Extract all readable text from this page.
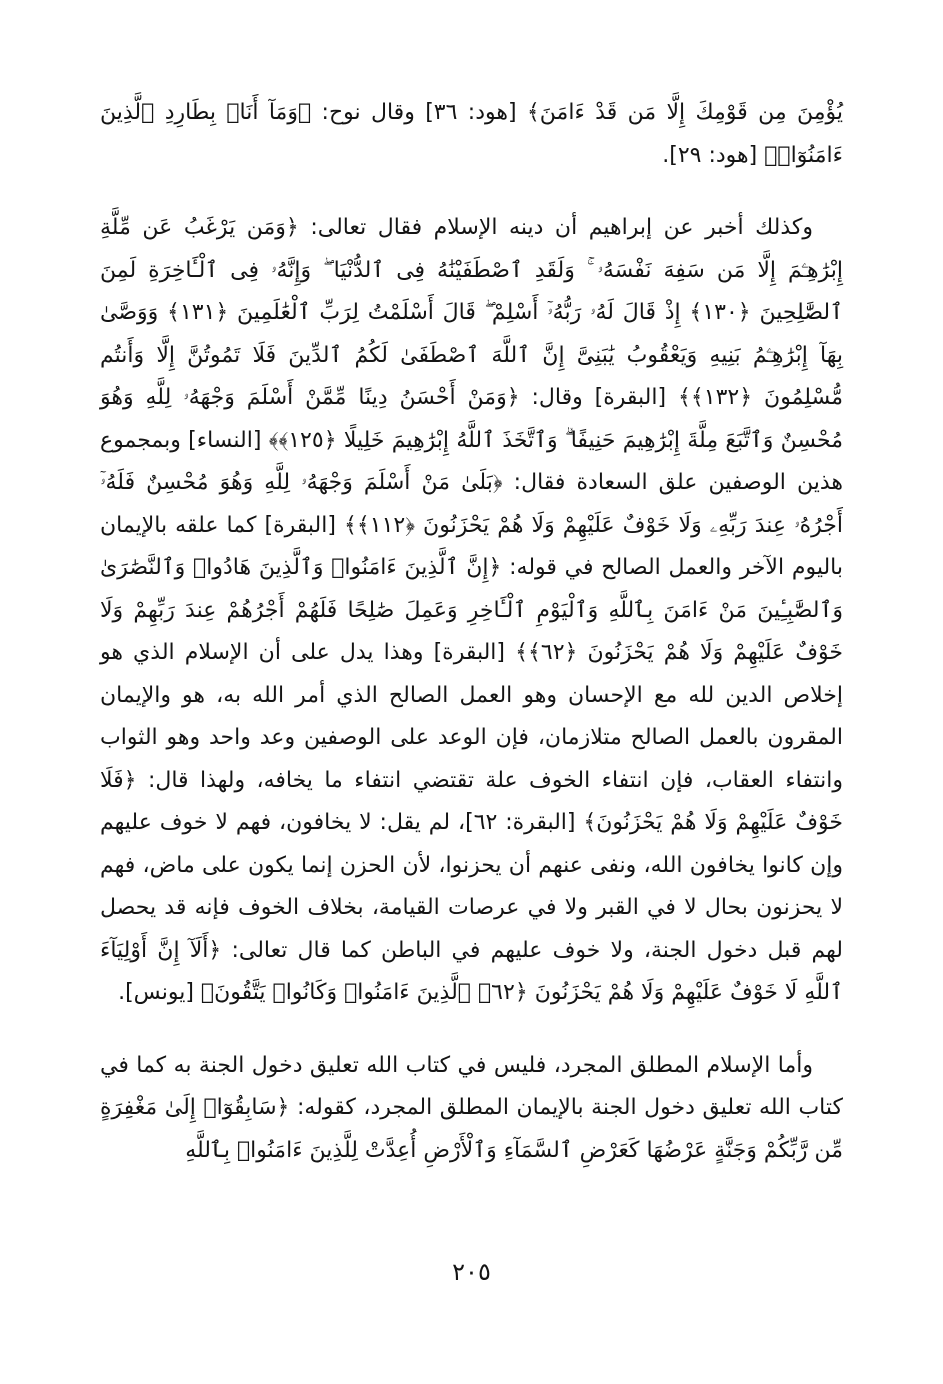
يُؤْمِنَ مِن قَوْمِكَ إِلَّا مَن قَدْ ءَامَنَ﴾ [هود: ٣٦] وقال نوح: ﴿وَمَآ أَنَا۠ بِطَارِدِ ٱلَّذِينَ ءَامَنُوٓا۟﴾ [هود: ٢٩].

وكذلك أخبر عن إبراهيم أن دينه الإسلام فقال تعالى: ﴿وَمَن يَرْغَبُ عَن مِّلَّةِ إِبْرَٰهِـۧمَ إِلَّا مَن سَفِهَ نَفْسَهُۥ ۚ وَلَقَدِ ٱصْطَفَيْنَٰهُ فِى ٱلدُّنْيَا ۖ وَإِنَّهُۥ فِى ٱلْـَٔاخِرَةِ لَمِنَ ٱلصَّٰلِحِينَ ﴿١٣٠﴾ إِذْ قَالَ لَهُۥ رَبُّهُۥٓ أَسْلِمْ ۖ قَالَ أَسْلَمْتُ لِرَبِّ ٱلْعَٰلَمِينَ ﴿١٣١﴾ وَوَصَّىٰ بِهَآ إِبْرَٰهِـۧمُ بَنِيهِ وَيَعْقُوبُ يَٰبَنِىَّ إِنَّ ٱللَّهَ ٱصْطَفَىٰ لَكُمُ ٱلدِّينَ فَلَا تَمُوتُنَّ إِلَّا وَأَنتُم مُّسْلِمُونَ ﴿١٣٢﴾﴾ [البقرة] وقال: ﴿وَمَنْ أَحْسَنُ دِينًا مِّمَّنْ أَسْلَمَ وَجْهَهُۥ لِلَّهِ وَهُوَ مُحْسِنٌ وَٱتَّبَعَ مِلَّةَ إِبْرَٰهِيمَ حَنِيفًا ۗ وَٱتَّخَذَ ٱللَّهُ إِبْرَٰهِيمَ خَلِيلًا ﴿١٢٥﴾﴾ [النساء] وبمجموع هذين الوصفين علق السعادة فقال: ﴿بَلَىٰ مَنْ أَسْلَمَ وَجْهَهُۥ لِلَّهِ وَهُوَ مُحْسِنٌ فَلَهُۥٓ أَجْرُهُۥ عِندَ رَبِّهِۦ وَلَا خَوْفٌ عَلَيْهِمْ وَلَا هُمْ يَحْزَنُونَ ﴿١١٢﴾﴾ [البقرة] كما علقه بالإيمان باليوم الآخر والعمل الصالح في قوله: ﴿إِنَّ ٱلَّذِينَ ءَامَنُوا۟ وَٱلَّذِينَ هَادُوا۟ وَٱلنَّصَٰرَىٰ وَٱلصَّٰبِـِٔينَ مَنْ ءَامَنَ بِٱللَّهِ وَٱلْيَوْمِ ٱلْـَٔاخِرِ وَعَمِلَ صَٰلِحًا فَلَهُمْ أَجْرُهُمْ عِندَ رَبِّهِمْ وَلَا خَوْفٌ عَلَيْهِمْ وَلَا هُمْ يَحْزَنُونَ ﴿٦٢﴾﴾ [البقرة] وهذا يدل على أن الإسلام الذي هو إخلاص الدين لله مع الإحسان وهو العمل الصالح الذي أمر الله به، هو والإيمان المقرون بالعمل الصالح متلازمان، فإن الوعد على الوصفين وعد واحد وهو الثواب وانتفاء العقاب، فإن انتفاء الخوف علة تقتضي انتفاء ما يخافه، ولهذا قال: ﴿فَلَا خَوْفٌ عَلَيْهِمْ وَلَا هُمْ يَحْزَنُونَ﴾ [البقرة: ٦٢]، لم يقل: لا يخافون، فهم لا خوف عليهم وإن كانوا يخافون الله، ونفى عنهم أن يحزنوا، لأن الحزن إنما يكون على ماض، فهم لا يحزنون بحال لا في القبر ولا في عرصات القيامة، بخلاف الخوف فإنه قد يحصل لهم قبل دخول الجنة، ولا خوف عليهم في الباطن كما قال تعالى: ﴿أَلَآ إِنَّ أَوْلِيَآءَ ٱللَّهِ لَا خَوْفٌ عَلَيْهِمْ وَلَا هُمْ يَحْزَنُونَ ﴿٦٢﴾ ٱلَّذِينَ ءَامَنُوا۟ وَكَانُوا۟ يَتَّقُونَ﴾ [يونس].

وأما الإسلام المطلق المجرد، فليس في كتاب الله تعليق دخول الجنة به كما في كتاب الله تعليق دخول الجنة بالإيمان المطلق المجرد، كقوله: ﴿سَابِقُوٓا۟ إِلَىٰ مَغْفِرَةٍ مِّن رَّبِّكُمْ وَجَنَّةٍ عَرْضُهَا كَعَرْضِ ٱلسَّمَآءِ وَٱلْأَرْضِ أُعِدَّتْ لِلَّذِينَ ءَامَنُوا۟ بِٱللَّهِ

٢٠٥
